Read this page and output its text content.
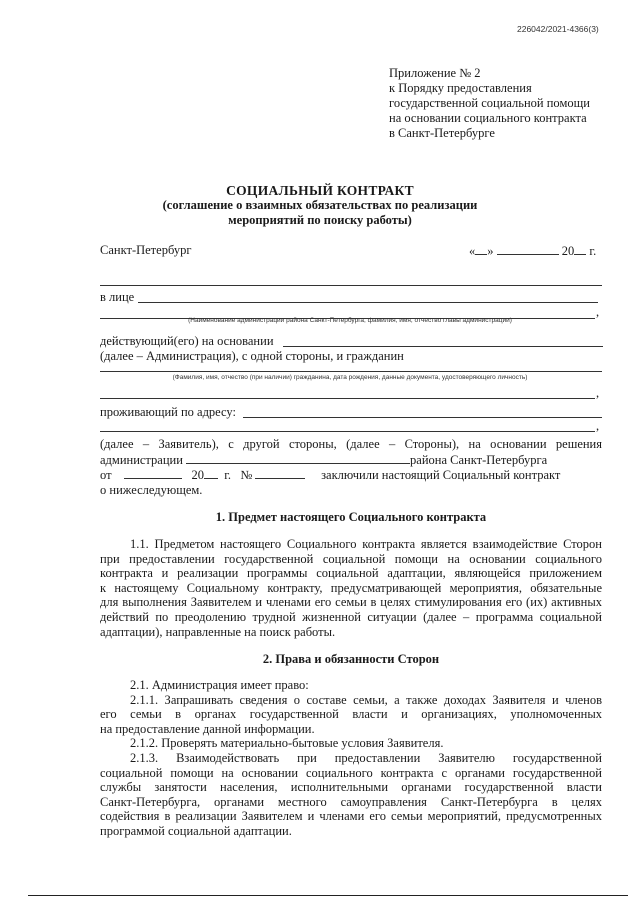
226042/2021-4366(3)
Приложение № 2
к Порядку предоставления
государственной социальной помощи
на основании социального контракта
в Санкт-Петербурге
СОЦИАЛЬНЫЙ КОНТРАКТ
(соглашение о взаимных обязательствах по реализации
мероприятий по поиску работы)
Санкт-Петербург	« »	20 г.
в лице
,
(Наименование администрации района Санкт-Петербурга, фамилия, имя, отчество главы администрации)
действующий(его) на основании
(далее – Администрация), с одной стороны, и гражданин
(Фамилия, имя, отчество (при наличии) гражданина, дата рождения, данные документа, удостоверяющего личность)
,
проживающий по адресу:
,

(далее – Заявитель), с другой стороны, (далее – Стороны), на основании решения

администрации	района Санкт-Петербурга

от	20 г. №	заключили настоящий Социальный контракт

о нижеследующем.

1. Предмет настоящего Социального контракта

1.1. Предметом настоящего Социального контракта является взаимодействие Сторон

при предоставлении государственной социальной помощи на основании социального

контракта и реализации программы социальной адаптации, являющейся приложением

к настоящему Социальному контракту, предусматривающей мероприятия, обязательные

для выполнения Заявителем и членами его семьи в целях стимулирования его (их) активных

действий по преодолению трудной жизненной ситуации (далее – программа социальной

адаптации), направленные на поиск работы.

2. Права и обязанности Сторон

2.1. Администрация имеет право:

2.1.1. Запрашивать сведения о составе семьи, а также доходах Заявителя и членов

его семьи в органах государственной власти и организациях, уполномоченных

на предоставление данной информации.

2.1.2. Проверять материально-бытовые условия Заявителя.

2.1.3. Взаимодействовать при предоставлении Заявителю государственной

социальной помощи на основании социального контракта с органами государственной

службы занятости населения, исполнительными органами государственной власти

Санкт-Петербурга, органами местного самоуправления Санкт-Петербурга в целях

содействия в реализации Заявителем и членами его семьи мероприятий, предусмотренных

программой социальной адаптации.
